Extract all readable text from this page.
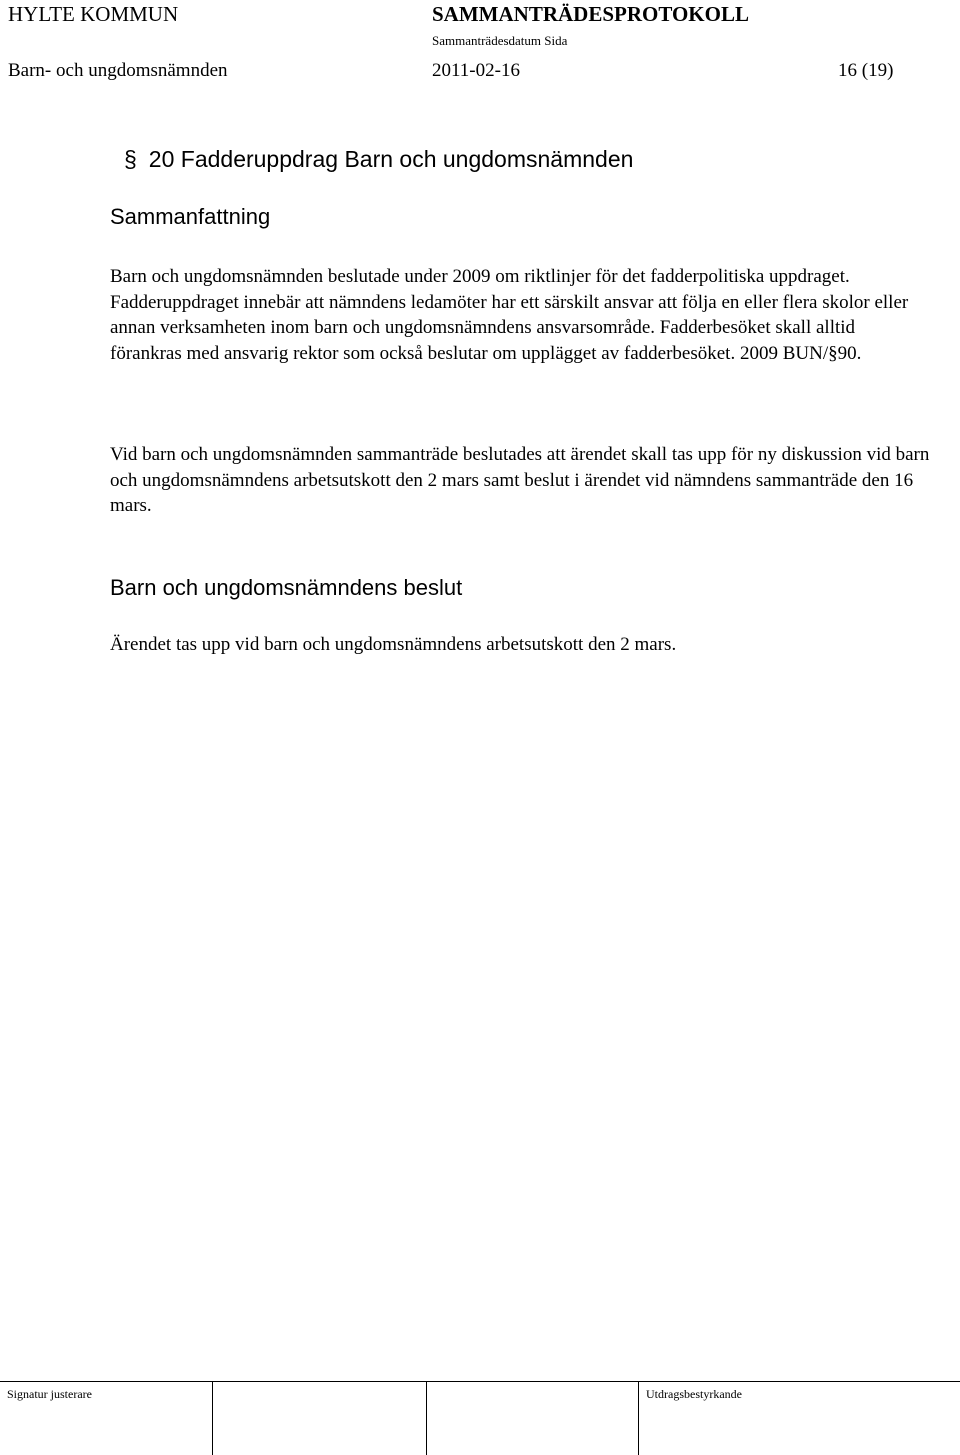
HYLTE KOMMUN	SAMMANTRÄDESPROTOKOLL
Sammanträdesdatum Sida
Barn- och ungdomsnämnden	2011-02-16	16 (19)
§ 20 Fadderuppdrag Barn och ungdomsnämnden
Sammanfattning
Barn och ungdomsnämnden beslutade under 2009 om riktlinjer för det fadderpolitiska uppdraget. Fadderuppdraget innebär att nämndens ledamöter har ett särskilt ansvar att följa en eller flera skolor eller annan verksamheten inom barn och ungdomsnämndens ansvarsområde. Fadderbesöket skall alltid förankras med ansvarig rektor som också beslutar om upplägget av fadderbesöket. 2009 BUN/§90.
Vid barn och ungdomsnämnden sammanträde beslutades att ärendet skall tas upp för ny diskussion vid barn och ungdomsnämndens arbetsutskott den 2 mars samt beslut i ärendet vid nämndens sammanträde den 16 mars.
Barn och ungdomsnämndens beslut
Ärendet tas upp vid barn och ungdomsnämndens arbetsutskott den 2 mars.
Signatur justerare	Utdragsbestyrkande
